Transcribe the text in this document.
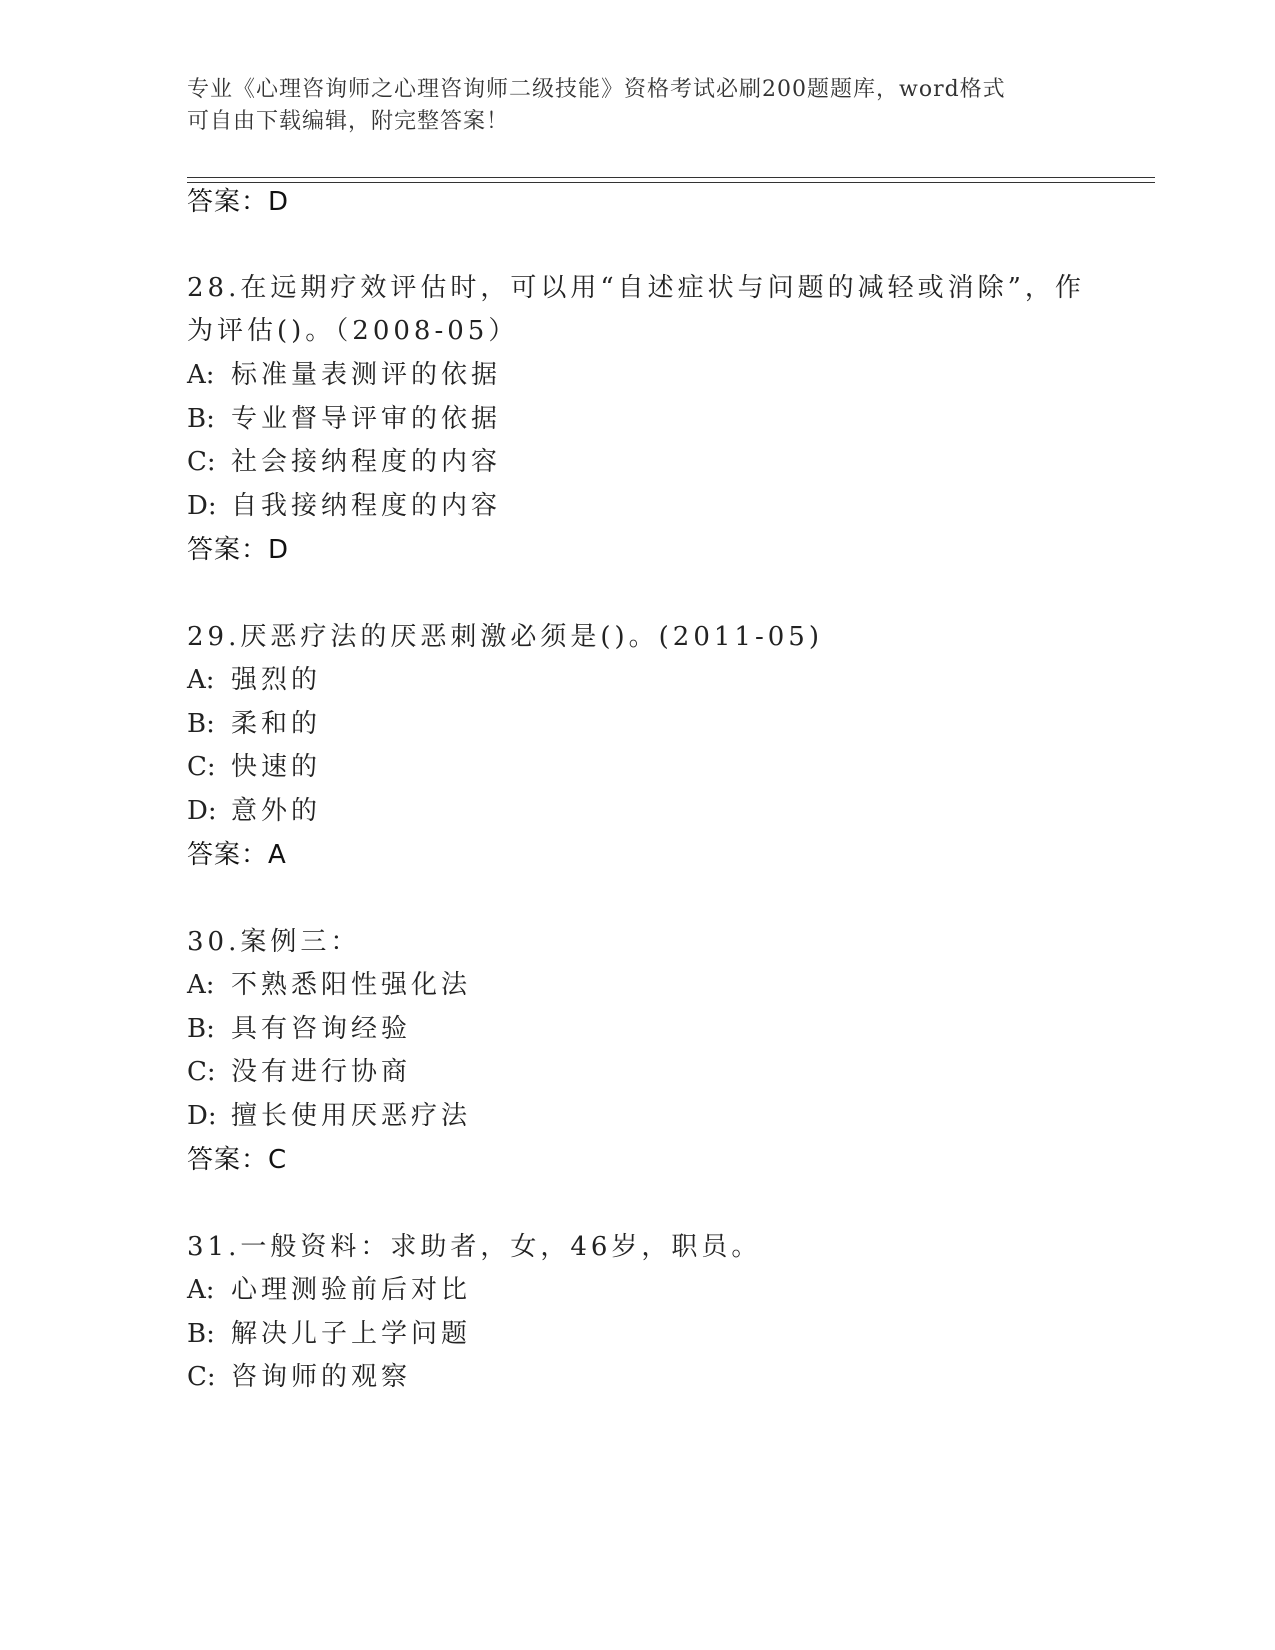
专业《心理咨询师之心理咨询师二级技能》资格考试必刷200题题库，word格式
可自由下载编辑，附完整答案！
答案：D
28.在远期疗效评估时，可以用“自述症状与问题的减轻或消除”，作
为评估()。（2008-05）
A: 标准量表测评的依据
B: 专业督导评审的依据
C: 社会接纳程度的内容
D: 自我接纳程度的内容
答案：D
29.厌恶疗法的厌恶刺激必须是()。(2011-05)
A: 强烈的
B: 柔和的
C: 快速的
D: 意外的
答案：A
30.案例三：
A: 不熟悉阳性强化法
B: 具有咨询经验
C: 没有进行协商
D: 擅长使用厌恶疗法
答案：C
31.一般资料：求助者，女，46岁，职员。
A: 心理测验前后对比
B: 解决儿子上学问题
C: 咨询师的观察
